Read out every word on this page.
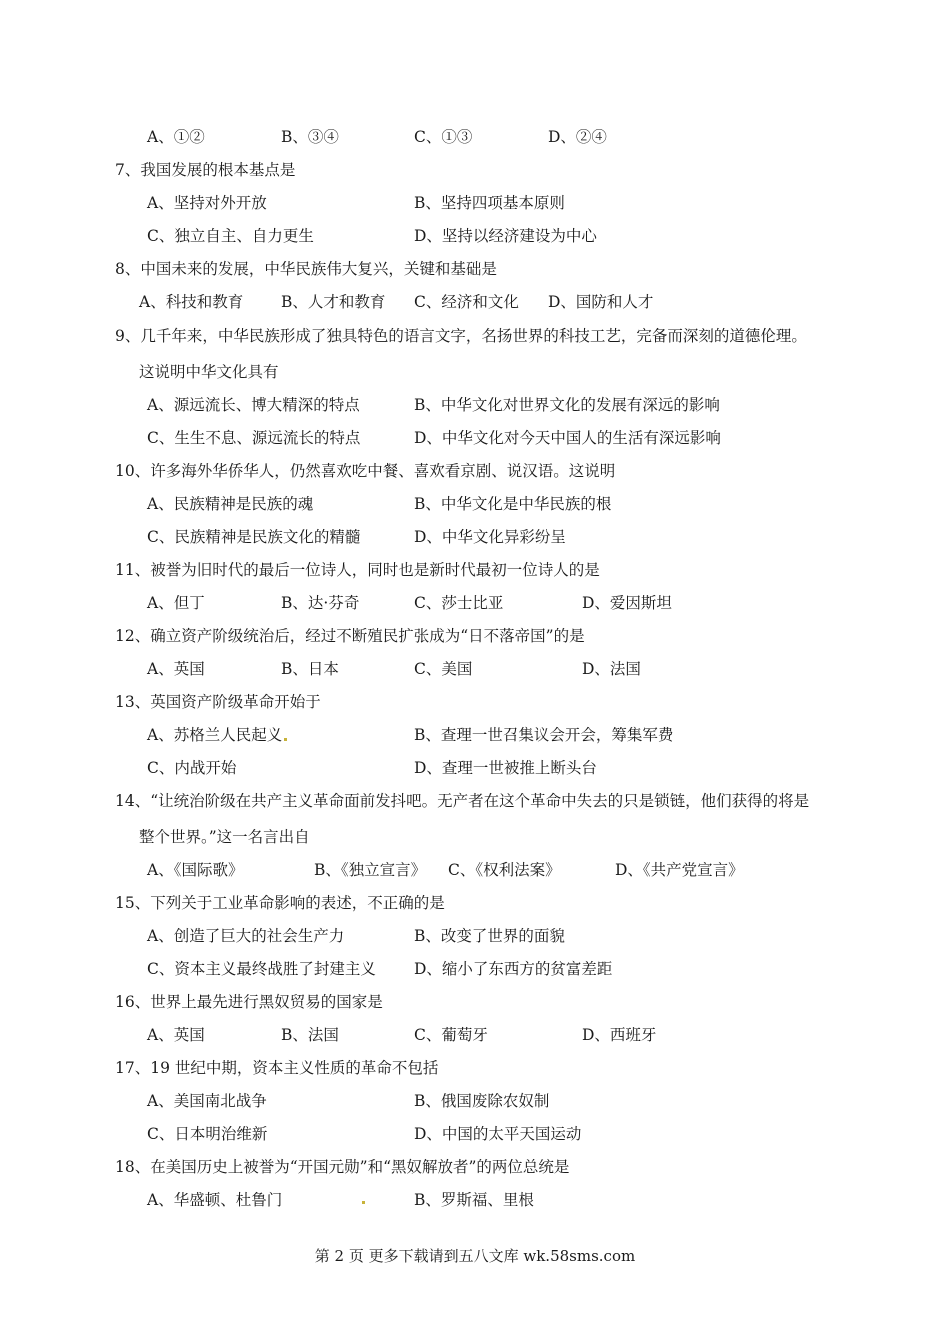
A、①②	B、③④	C、①③	D、②④
7、我国发展的根本基点是
A、坚持对外开放	B、坚持四项基本原则
C、独立自主、自力更生	D、坚持以经济建设为中心
8、中国未来的发展，中华民族伟大复兴，关键和基础是
A、科技和教育 B、人才和教育 C、经济和文化 D、国防和人才
9、几千年来，中华民族形成了独具特色的语言文字，名扬世界的科技工艺，完备而深刻的道德伦理。
这说明中华文化具有
A、源远流长、博大精深的特点	B、中华文化对世界文化的发展有深远的影响
C、生生不息、源远流长的特点	D、中华文化对今天中国人的生活有深远影响
10、许多海外华侨华人，仍然喜欢吃中餐、喜欢看京剧、说汉语。这说明
A、民族精神是民族的魂	B、中华文化是中华民族的根
C、民族精神是民族文化的精髓	D、中华文化异彩纷呈
11、被誉为旧时代的最后一位诗人，同时也是新时代最初一位诗人的是
A、但丁	B、达·芬奇	C、莎士比亚	D、爱因斯坦
12、确立资产阶级统治后，经过不断殖民扩张成为“日不落帝国”的是
A、英国	B、日本	C、美国	D、法国
13、英国资产阶级革命开始于
A、苏格兰人民起义	B、查理一世召集议会开会，筹集军费
C、内战开始	D、查理一世被推上断头台
14、“让统治阶级在共产主义革命面前发抖吧。无产者在这个革命中失去的只是锁链，他们获得的将是
整个世界。”这一名言出自
A、《国际歌》	B、《独立宣言》 C、《权利法案》	D、《共产党宣言》
15、下列关于工业革命影响的表述，不正确的是
A、创造了巨大的社会生产力	B、改变了世界的面貌
C、资本主义最终战胜了封建主义 D、缩小了东西方的贫富差距
16、世界上最先进行黑奴贸易的国家是
A、英国	B、法国	C、葡萄牙	D、西班牙
17、19 世纪中期，资本主义性质的革命不包括
A、美国南北战争	B、俄国废除农奴制
C、日本明治维新	D、中国的太平天国运动
18、在美国历史上被誉为“开国元勋”和“黑奴解放者”的两位总统是
A、华盛顿、杜鲁门	B、罗斯福、里根
第 2 页 更多下载请到五八文库 wk.58sms.com
